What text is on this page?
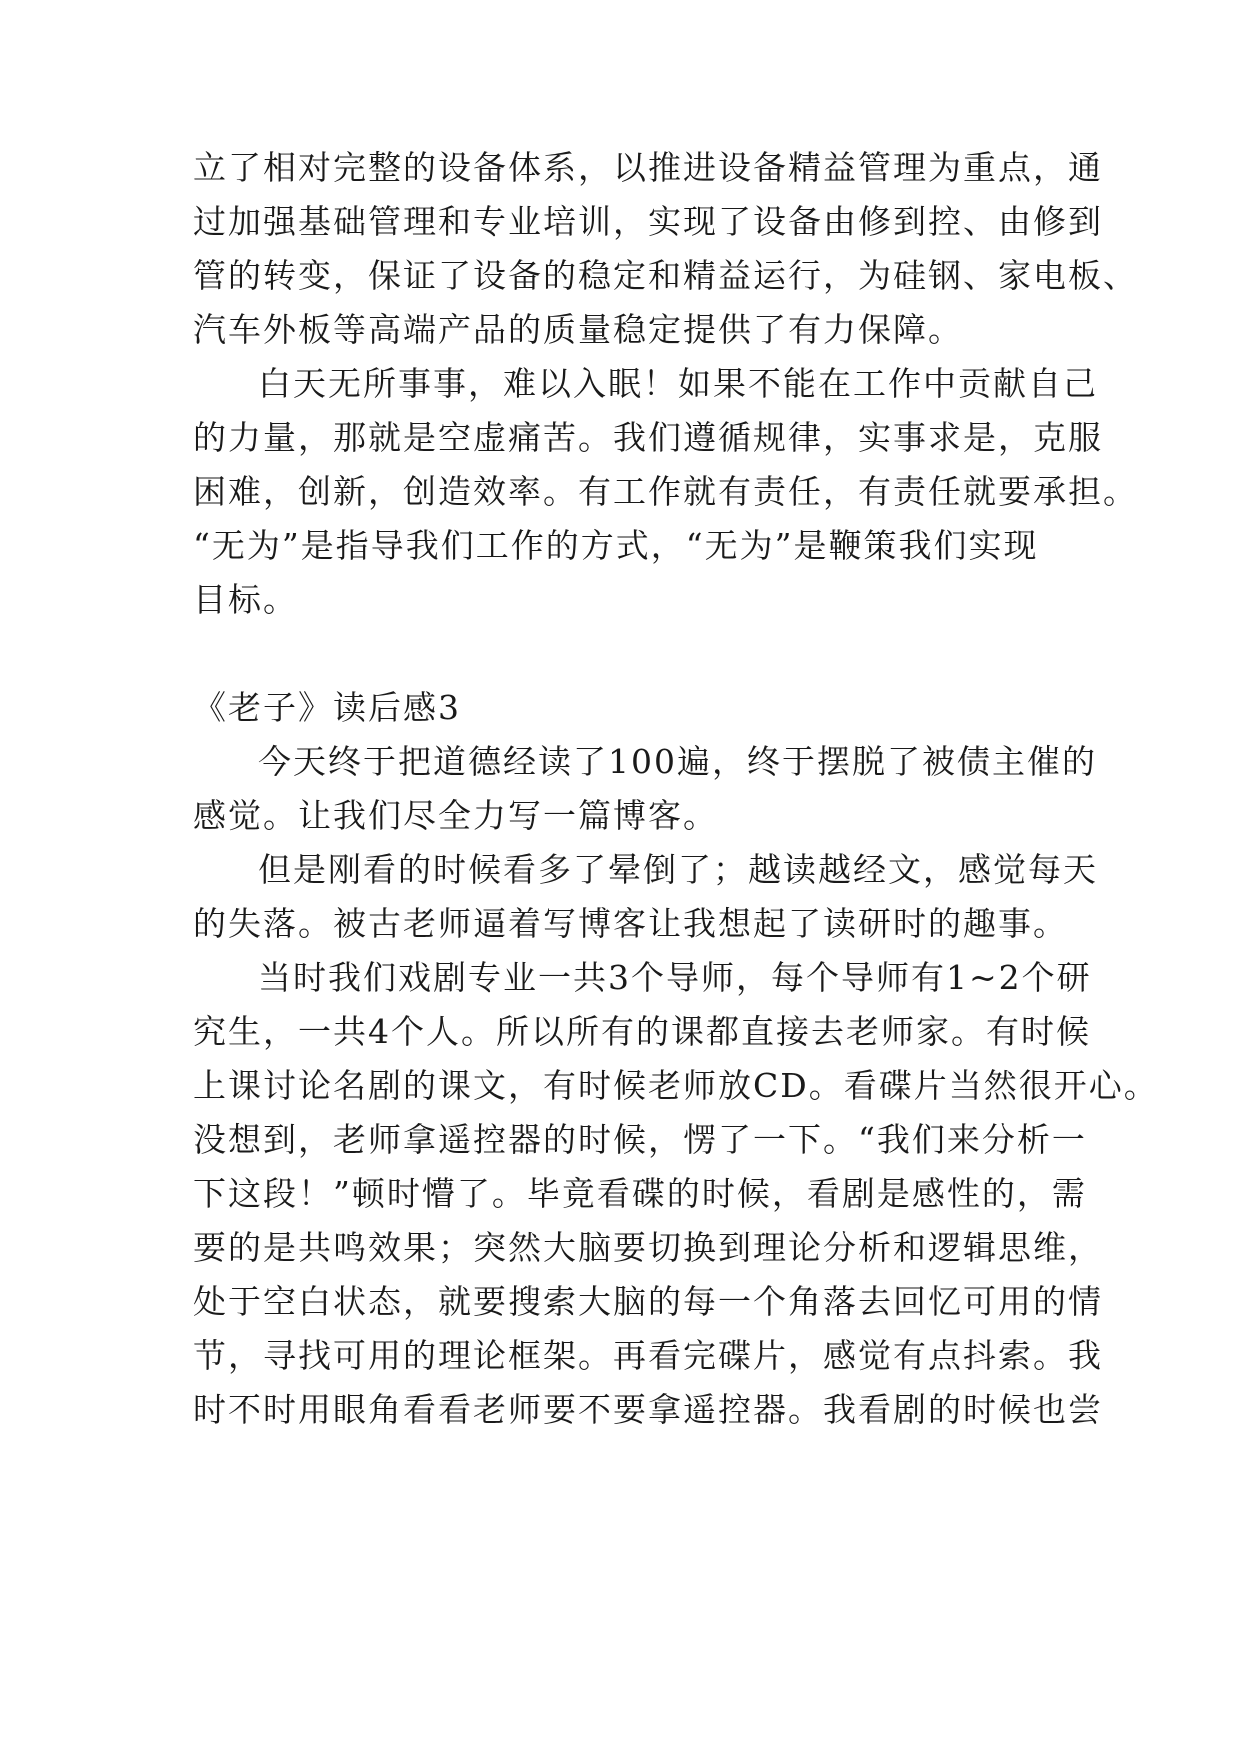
立了相对完整的设备体系，以推进设备精益管理为重点，通
过加强基础管理和专业培训，实现了设备由修到控、由修到
管的转变，保证了设备的稳定和精益运行，为硅钢、家电板、
汽车外板等高端产品的质量稳定提供了有力保障。
白天无所事事，难以入眠！如果不能在工作中贡献自己
的力量，那就是空虚痛苦。我们遵循规律，实事求是，克服
困难，创新，创造效率。有工作就有责任，有责任就要承担。
“无为”是指导我们工作的方式，“无为”是鞭策我们实现
目标。
《老子》读后感3
今天终于把道德经读了100遍，终于摆脱了被债主催的
感觉。让我们尽全力写一篇博客。
但是刚看的时候看多了晕倒了；越读越经文，感觉每天
的失落。被古老师逼着写博客让我想起了读研时的趣事。
当时我们戏剧专业一共3个导师，每个导师有1~2个研
究生，一共4个人。所以所有的课都直接去老师家。有时候
上课讨论名剧的课文，有时候老师放CD。看碟片当然很开心。
没想到，老师拿遥控器的时候，愣了一下。“我们来分析一
下这段！”顿时懵了。毕竟看碟的时候，看剧是感性的，需
要的是共鸣效果；突然大脑要切换到理论分析和逻辑思维，
处于空白状态，就要搜索大脑的每一个角落去回忆可用的情
节，寻找可用的理论框架。再看完碟片，感觉有点抖索。我
时不时用眼角看看老师要不要拿遥控器。我看剧的时候也尝
